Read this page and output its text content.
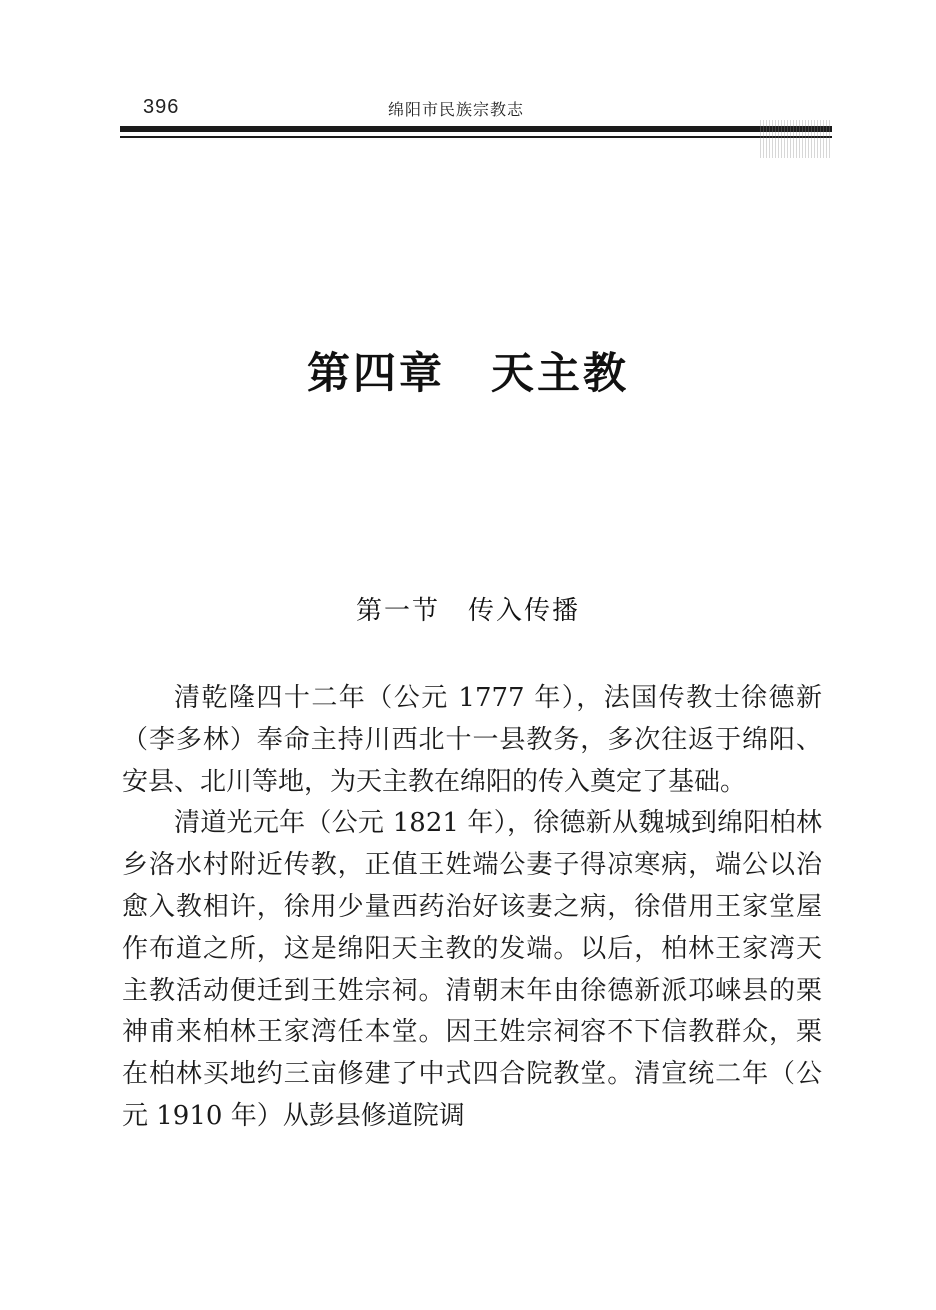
396	绵阳市民族宗教志
第四章　天主教
第一节　传入传播

清乾隆四十二年（公元 1777 年），法国传教士徐德新（李多林）奉命主持川西北十一县教务，多次往返于绵阳、安县、北川等地，为天主教在绵阳的传入奠定了基础。

清道光元年（公元 1821 年），徐德新从魏城到绵阳柏林乡洛水村附近传教，正值王姓端公妻子得凉寒病，端公以治愈入教相许，徐用少量西药治好该妻之病，徐借用王家堂屋作布道之所，这是绵阳天主教的发端。以后，柏林王家湾天主教活动便迁到王姓宗祠。清朝末年由徐德新派邛崃县的栗神甫来柏林王家湾任本堂。因王姓宗祠容不下信教群众，栗在柏林买地约三亩修建了中式四合院教堂。清宣统二年（公元 1910 年）从彭县修道院调
